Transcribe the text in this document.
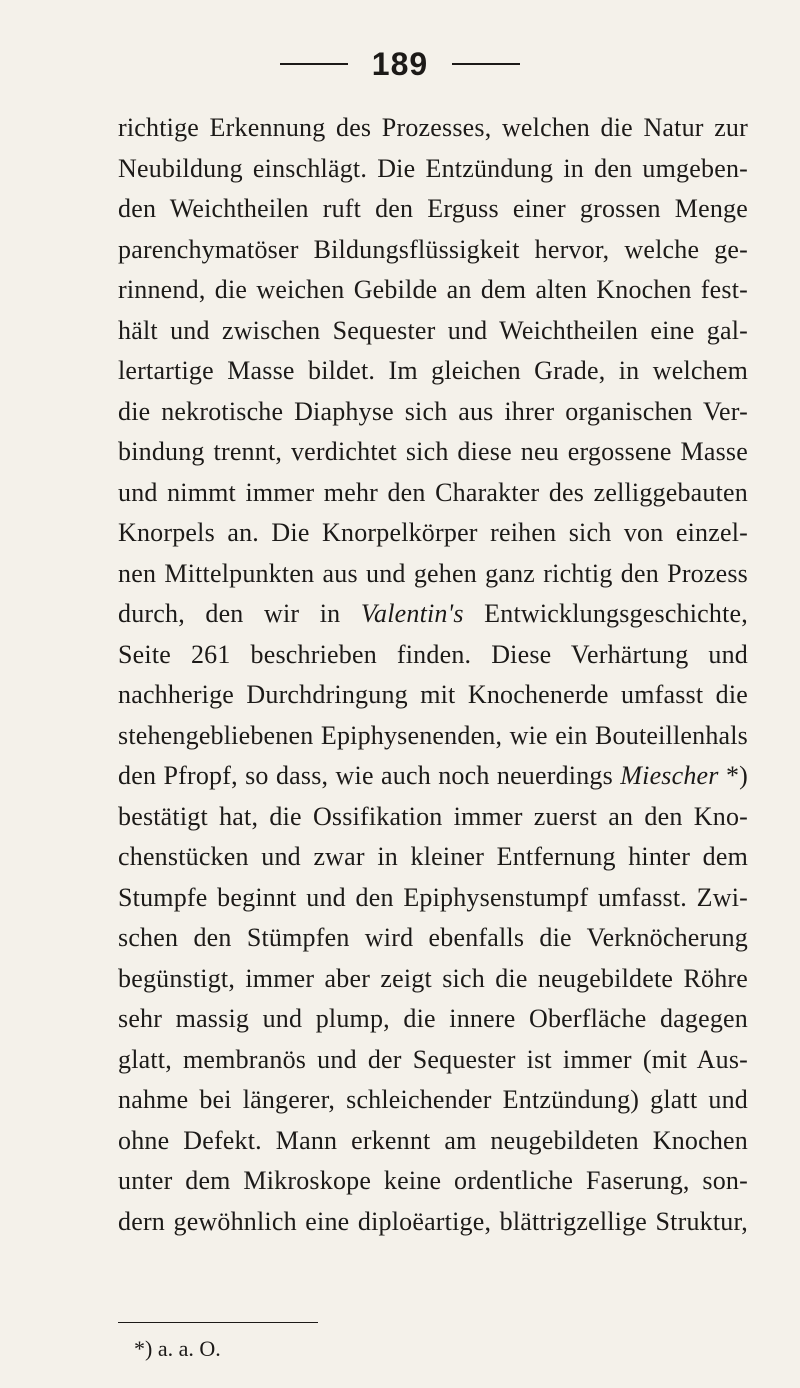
189
richtige Erkennung des Prozesses, welchen die Natur zur
Neubildung einschlägt. Die Entzündung in den umgeben-
den Weichtheilen ruft den Erguss einer grossen Menge
parenchymatöser Bildungsflüssigkeit hervor, welche ge-
rinnend, die weichen Gebilde an dem alten Knochen fest-
hält und zwischen Sequester und Weichtheilen eine gal-
lertartige Masse bildet. Im gleichen Grade, in welchem
die nekrotische Diaphyse sich aus ihrer organischen Ver-
bindung trennt, verdichtet sich diese neu ergossene Masse
und nimmt immer mehr den Charakter des zelliggebauten
Knorpels an. Die Knorpelkörper reihen sich von einzel-
nen Mittelpunkten aus und gehen ganz richtig den Prozess
durch, den wir in Valentin's Entwicklungsgeschichte,
Seite 261 beschrieben finden. Diese Verhärtung und
nachherige Durchdringung mit Knochenerde umfasst die
stehengebliebenen Epiphysenenden, wie ein Bouteillenhals
den Pfropf, so dass, wie auch noch neuerdings Miescher *)
bestätigt hat, die Ossifikation immer zuerst an den Kno-
chenstücken und zwar in kleiner Entfernung hinter dem
Stumpfe beginnt und den Epiphysenstumpf umfasst. Zwi-
schen den Stümpfen wird ebenfalls die Verknöcherung
begünstigt, immer aber zeigt sich die neugebildete Röhre
sehr massig und plump, die innere Oberfläche dagegen
glatt, membranös und der Sequester ist immer (mit Aus-
nahme bei längerer, schleichender Entzündung) glatt und
ohne Defekt. Mann erkennt am neugebildeten Knochen
unter dem Mikroskope keine ordentliche Faserung, son-
dern gewöhnlich eine diploëartige, blättrigzellige Struktur,
*) a. a. O.
